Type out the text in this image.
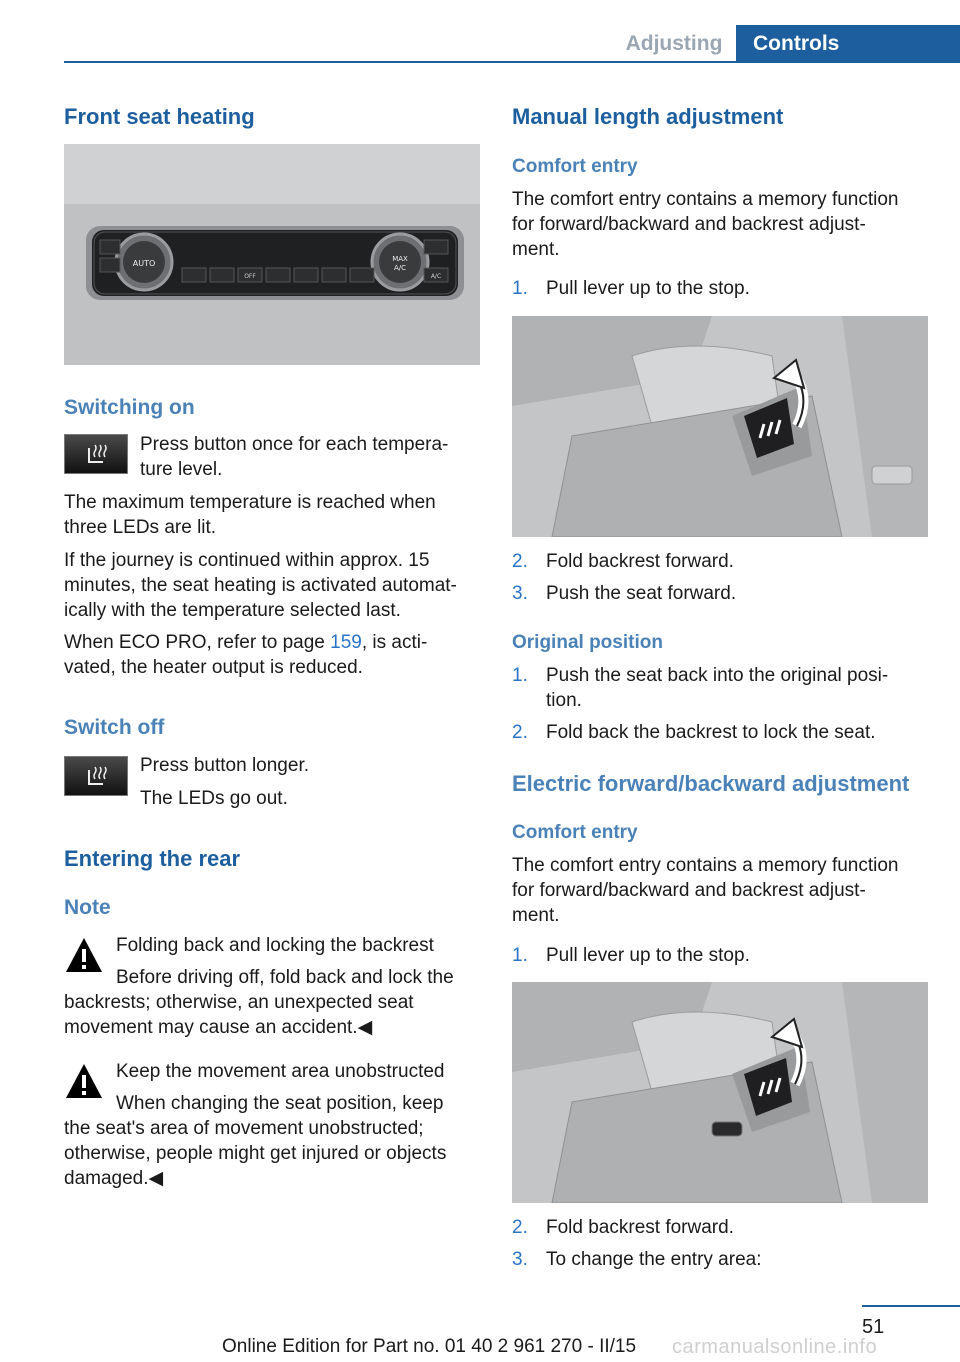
Adjusting	Controls
Front seat heating
AUTO	MAX
A/C
OFF	A/C
Switching on
Press button once for each tempera‐
ture level.
The maximum temperature is reached when
three LEDs are lit.
If the journey is continued within approx. 15
minutes, the seat heating is activated automat‐
ically with the temperature selected last.
When ECO PRO, refer to page 159, is acti‐
vated, the heater output is reduced.
Switch off
Press button longer.
The LEDs go out.
Entering the rear
Note
Folding back and locking the backrest
Before driving off, fold back and lock the
backrests; otherwise, an unexpected seat
movement may cause an accident.◀
Keep the movement area unobstructed
When changing the seat position, keep
the seat's area of movement unobstructed;
otherwise, people might get injured or objects
damaged.◀
Manual length adjustment
Comfort entry
The comfort entry contains a memory function
for forward/backward and backrest adjust‐
ment.
1. Pull lever up to the stop.
2. Fold backrest forward.
3. Push the seat forward.
Original position
1. Push the seat back into the original posi‐
tion.
2. Fold back the backrest to lock the seat.
Electric forward/backward adjustment
Comfort entry
The comfort entry contains a memory function
for forward/backward and backrest adjust‐
ment.
1. Pull lever up to the stop.
2. Fold backrest forward.
3. To change the entry area:
51
Online Edition for Part no. 01 40 2 961 270 - II/15 carmanualsonline.info
